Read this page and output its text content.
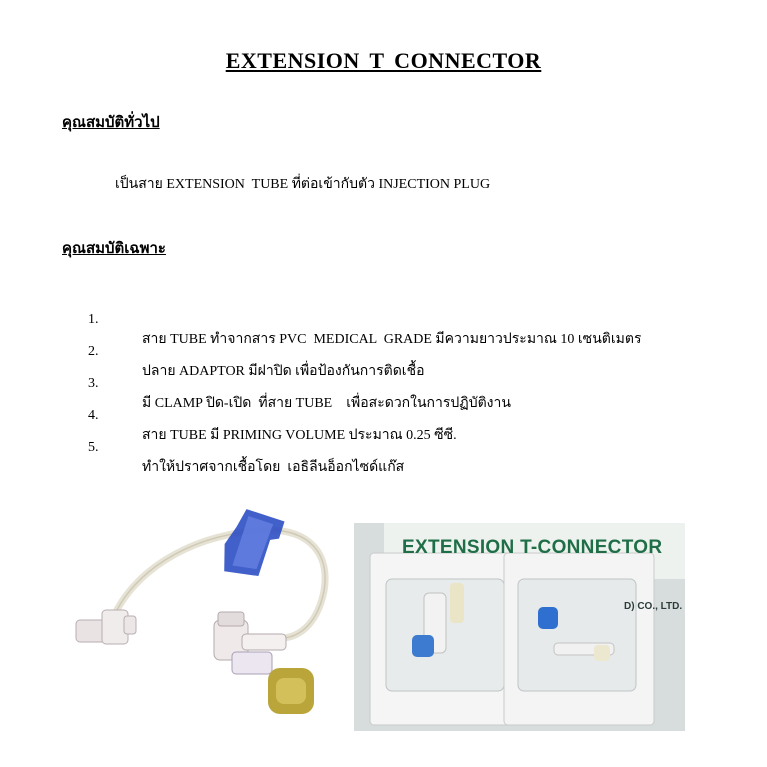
EXTENSION T CONNECTOR
คุณสมบัติทั่วไป
เป็นสาย EXTENSION  TUBE ที่ต่อเข้ากับตัว INJECTION PLUG
คุณสมบัติเฉพาะ

1.

สาย TUBE ทำจากสาร PVC  MEDICAL  GRADE มีความยาวประมาณ 10 เซนติเมตร

2.

ปลาย ADAPTOR มีฝาปิด เพื่อป้องกันการติดเชื้อ

3.

มี CLAMP ปิด-เปิด  ที่สาย TUBE    เพื่อสะดวกในการปฏิบัติงาน

4.

สาย TUBE มี PRIMING VOLUME ประมาณ 0.25 ซีซี.

5.

ทำให้ปราศจากเชื้อโดย  เอธิลีนอ็อกไซด์แก๊ส

EXTENSION T-CONNECTOR
D) CO., LTD.
